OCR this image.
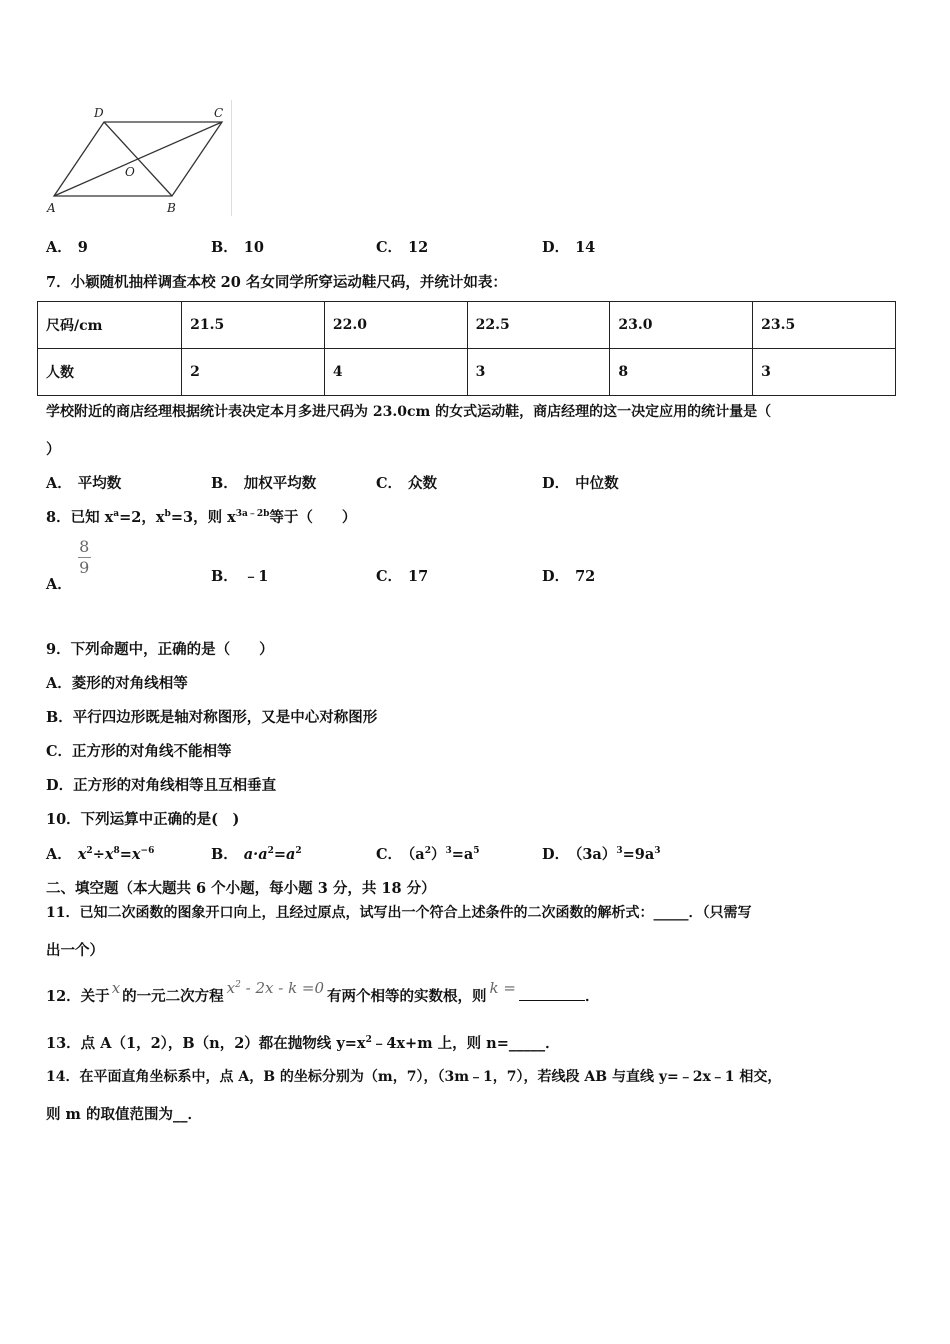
D	C
A	B
O
A． 9	B． 10	C． 12	D． 14
7．小颖随机抽样调查本校 20 名女同学所穿运动鞋尺码，并统计如表：
尺码/cm	21.5	22.0	22.5	23.0	23.5
人数	2	4	3	8	3
学校附近的商店经理根据统计表决定本月多进尺码为 23.0cm 的女式运动鞋，商店经理的这一决定应用的统计量是（
）
A． 平均数	B． 加权平均数	C． 众数	D． 中位数
8．已知 $x^a=2$，$x^b=3$，则 $x^{3a﹣2b}$等于（　　）
A．$\frac{8}{9}$	B． ﹣1	C． 17	D． 72
9．下列命题中，正确的是（　　）
A．菱形的对角线相等
B．平行四边形既是轴对称图形，又是中心对称图形
C．正方形的对角线不能相等
D．正方形的对角线相等且互相垂直
10．下列运算中正确的是(　)
A． $x^2\div x^8=x^{-6}$	B． $a\cdot a^2=a^2$	C． $(a^2)^3=a^5$	D． $(3a)^3=9a^3$
二、填空题（本大题共 6 个小题，每小题 3 分，共 18 分）
11．已知二次函数的图象开口向上，且经过原点，试写出一个符合上述条件的二次函数的解析式：_____．（只需写
出一个）
12．关于 x 的一元二次方程 $x^2 - 2x - k =0$ 有两个相等的实数根，则 k =	．
13．点 A（1，2），B（n，2）都在抛物线 $y=x^2﹣4x+m$ 上，则 n=_____．
14．在平面直角坐标系中，点 A，B 的坐标分别为（m，7），（3m﹣1，7），若线段 AB 与直线 y=﹣2x﹣1 相交，
则 m 的取值范围为__．
